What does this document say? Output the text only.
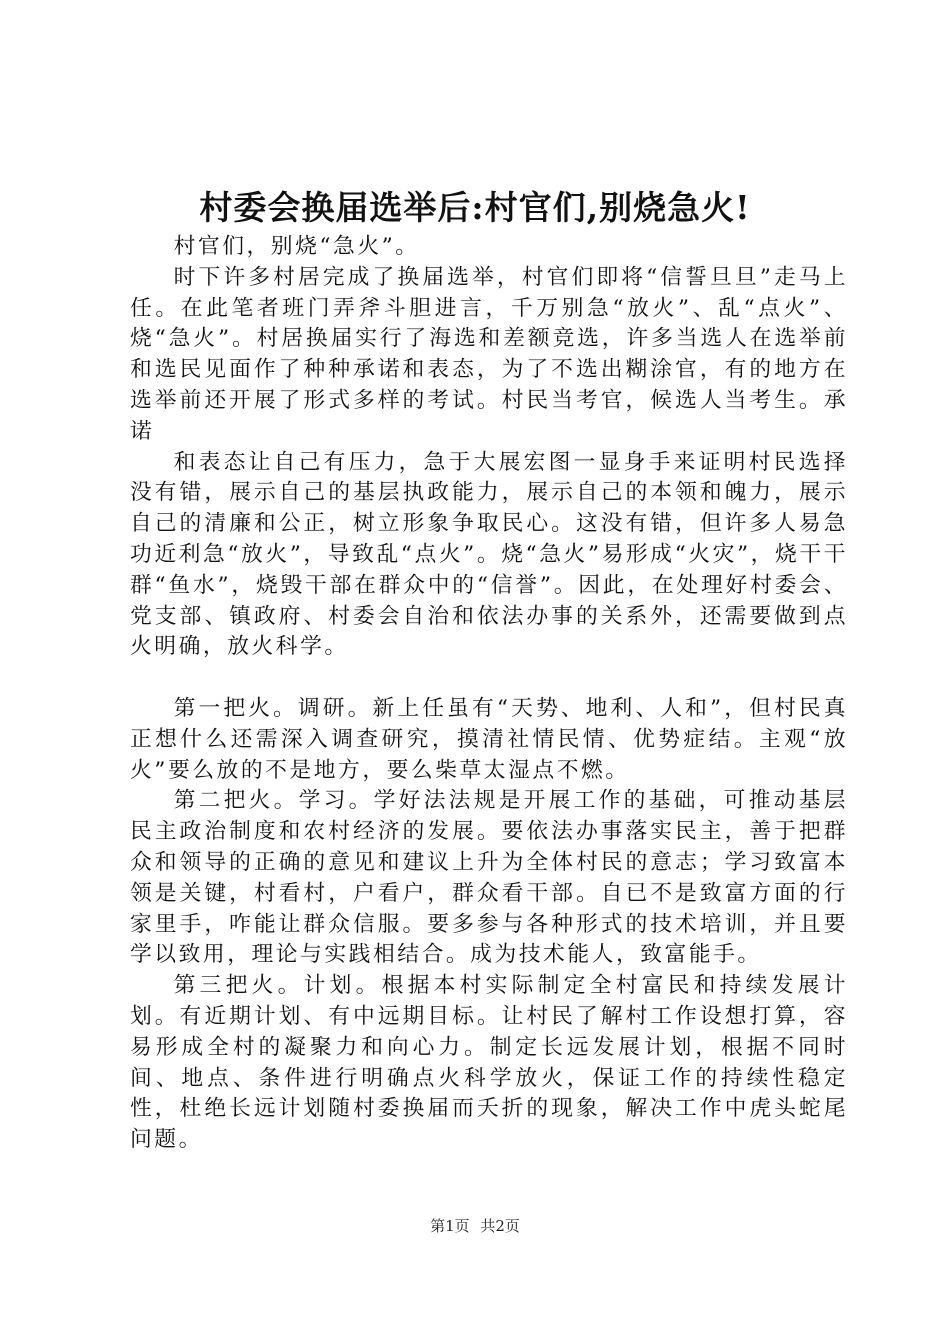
村委会换届选举后:村官们,别烧急火!

村官们，别烧“急火”。

时下许多村居完成了换届选举，村官们即将“信誓旦旦”走马上任。在此笔者班门弄斧斗胆进言，千万别急“放火”、乱“点火”、烧“急火”。村居换届实行了海选和差额竞选，许多当选人在选举前和选民见面作了种种承诺和表态，为了不选出糊涂官，有的地方在选举前还开展了形式多样的考试。村民当考官，候选人当考生。承诺

和表态让自己有压力，急于大展宏图一显身手来证明村民选择没有错，展示自己的基层执政能力，展示自己的本领和魄力，展示自己的清廉和公正，树立形象争取民心。这没有错，但许多人易急功近利急“放火”，导致乱“点火”。烧“急火”易形成“火灾”，烧干干群“鱼水”，烧毁干部在群众中的“信誉”。因此，在处理好村委会、党支部、镇政府、村委会自治和依法办事的关系外，还需要做到点火明确，放火科学。

第一把火。调研。新上任虽有“天势、地利、人和”，但村民真正想什么还需深入调查研究，摸清社情民情、优势症结。主观“放火”要么放的不是地方，要么柴草太湿点不燃。

第二把火。学习。学好法法规是开展工作的基础，可推动基层民主政治制度和农村经济的发展。要依法办事落实民主，善于把群众和领导的正确的意见和建议上升为全体村民的意志；学习致富本领是关键，村看村，户看户，群众看干部。自已不是致富方面的行家里手，咋能让群众信服。要多参与各种形式的技术培训，并且要学以致用，理论与实践相结合。成为技术能人，致富能手。

第三把火。计划。根据本村实际制定全村富民和持续发展计划。有近期计划、有中远期目标。让村民了解村工作设想打算，容易形成全村的凝聚力和向心力。制定长远发展计划，根据不同时间、地点、条件进行明确点火科学放火，保证工作的持续性稳定性，杜绝长远计划随村委换届而夭折的现象，解决工作中虎头蛇尾问题。

第1页 共2页
